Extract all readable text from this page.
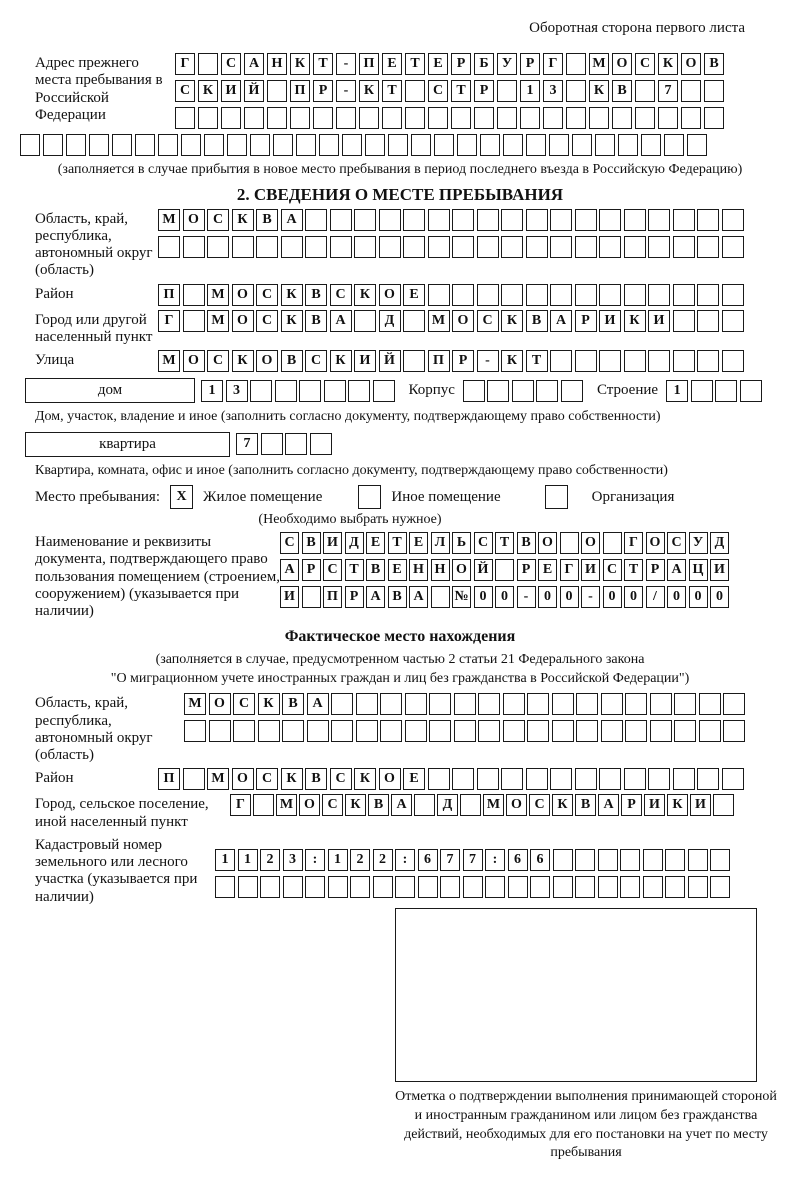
Оборотная сторона первого листа
Адрес прежнего места пребывания в Российской Федерации
Г	С А Н К Т	-	П Е Т Е	Р	Б У Р	Г	М О С К О В
С К И Й	П Р	-	К Т	С Т	Р	1	3	К В	7
(заполняется в случае прибытия в новое место пребывания в период последнего въезда в Российскую Федерацию)
2. СВЕДЕНИЯ О МЕСТЕ ПРЕБЫВАНИЯ
Область, край, республика, автономный округ (область)
М О	С	К	В	А
Район	П	М О	С	К	В	С	К О	Е
Город или другой населенный пункт
Г	М О	С	К	В	А	Д	М О	С	К	В	А	Р	И К И
Улица	М О	С	К О	В	С	К И Й	П	Р	-	К	Т
дом	1	3	Корпус	Строение	1
Дом, участок, владение и иное (заполнить согласно документу, подтверждающему право собственности)
квартира	7
Квартира, комната, офис и иное (заполнить согласно документу, подтверждающему право собственности)
Место пребывания:	X	Жилое помещение	Иное помещение	Организация
(Необходимо выбрать нужное)
Наименование и реквизиты документа, подтверждающего право пользования помещением (строением, сооружением) (указывается при наличии)
С В И Д Е Т Е Л Ь С Т В О О	Г О С У Д
А Р С Т В Е Н Н О Й	Р Е Г И С Т Р А Ц И
И П Р А В А	№ 0	0	-	0	0	-	0	0	/	0	0	0
Фактическое место нахождения
(заполняется в случае, предусмотренном частью 2 статьи 21 Федерального закона
"О миграционном учете иностранных граждан и лиц без гражданства в Российской Федерации")
Область, край, республика, автономный округ (область)
М О	С	К	В	А
Район	П	М О	С	К	В	С	К О	Е
Город, сельское поселение, иной населенный пункт
Г	М О С К В А	Д	М О С К В А Р И К И
Кадастровый номер земельного или лесного участка (указывается при наличии)
1	1	2	3	:	1	2	2	:	6	7	7	:	6	6
Отметка о подтверждении выполнения принимающей стороной и иностранным гражданином или лицом без гражданства действий, необходимых для его постановки на учет по месту пребывания
